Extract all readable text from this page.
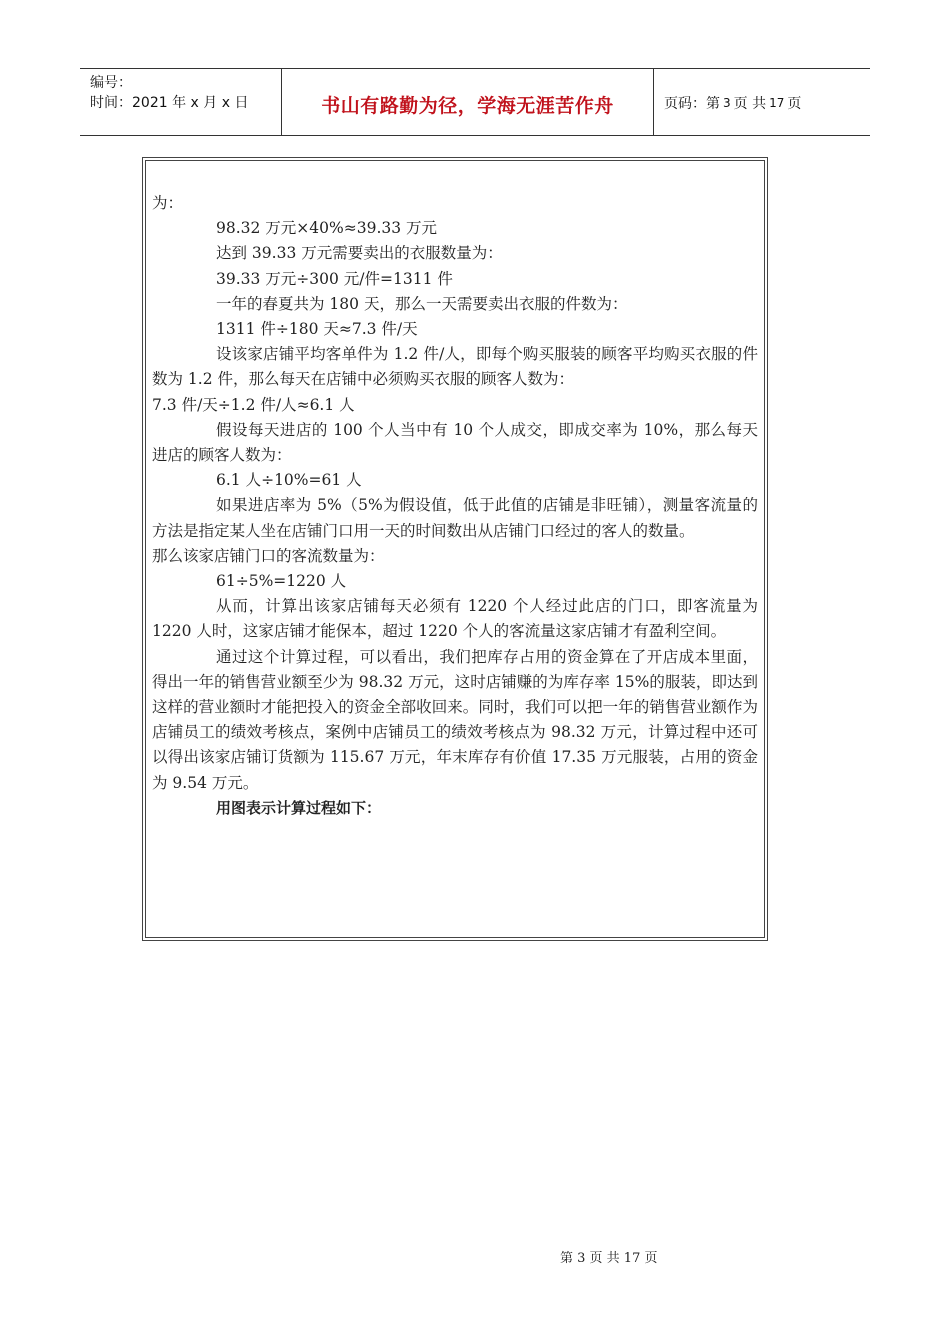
编号：
时间：2021 年 x 月 x 日	书山有路勤为径，学海无涯苦作舟	页码：第 3 页 共 17 页

为：

98.32 万元×40%≈39.33 万元

达到 39.33 万元需要卖出的衣服数量为：

39.33 万元÷300 元/件=1311 件

一年的春夏共为 180 天，那么一天需要卖出衣服的件数为：

1311 件÷180 天≈7.3 件/天

设该家店铺平均客单件为 1.2 件/人，即每个购买服装的顾客平均购买衣服的件数为 1.2 件，那么每天在店铺中必须购买衣服的顾客人数为：

7.3 件/天÷1.2 件/人≈6.1 人

假设每天进店的 100 个人当中有 10 个人成交，即成交率为 10%，那么每天进店的顾客人数为：

6.1 人÷10%=61 人

如果进店率为 5%（5%为假设值，低于此值的店铺是非旺铺），测量客流量的方法是指定某人坐在店铺门口用一天的时间数出从店铺门口经过的客人的数量。

那么该家店铺门口的客流数量为：

61÷5%=1220 人

从而，计算出该家店铺每天必须有 1220 个人经过此店的门口，即客流量为 1220 人时，这家店铺才能保本，超过 1220 个人的客流量这家店铺才有盈利空间。

通过这个计算过程，可以看出，我们把库存占用的资金算在了开店成本里面，得出一年的销售营业额至少为 98.32 万元，这时店铺赚的为库存率 15%的服装，即达到这样的营业额时才能把投入的资金全部收回来。同时，我们可以把一年的销售营业额作为店铺员工的绩效考核点，案例中店铺员工的绩效考核点为 98.32 万元，计算过程中还可以得出该家店铺订货额为 115.67 万元，年末库存有价值 17.35 万元服装，占用的资金为 9.54 万元。

用图表示计算过程如下：

第 3 页 共 17 页
